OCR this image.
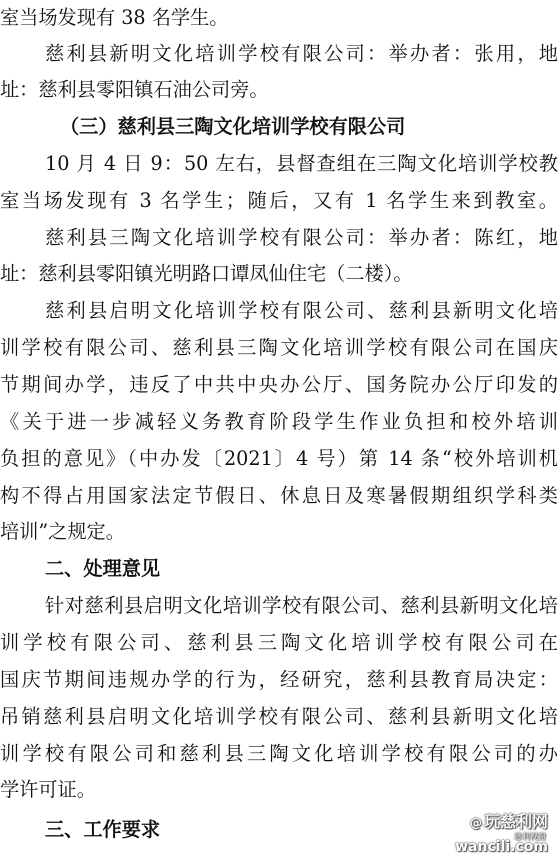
室当场发现有 38 名学生。
慈利县新明文化培训学校有限公司：举办者：张用，地
址：慈利县零阳镇石油公司旁。
（三）慈利县三陶文化培训学校有限公司
10 月 4 日 9：50 左右，县督查组在三陶文化培训学校教
室当场发现有 3 名学生；随后，又有 1 名学生来到教室。
慈利县三陶文化培训学校有限公司：举办者：陈红，地
址：慈利县零阳镇光明路口谭凤仙住宅（二楼）。
慈利县启明文化培训学校有限公司、慈利县新明文化培
训学校有限公司、慈利县三陶文化培训学校有限公司在国庆
节期间办学，违反了中共中央办公厅、国务院办公厅印发的
《关于进一步减轻义务教育阶段学生作业负担和校外培训
负担的意见》（中办发〔2021〕4 号）第 14 条“校外培训机
构不得占用国家法定节假日、休息日及寒暑假期组织学科类
培训”之规定。
二、处理意见
针对慈利县启明文化培训学校有限公司、慈利县新明文化培
训学校有限公司、慈利县三陶文化培训学校有限公司在
国庆节期间违规办学的行为，经研究，慈利县教育局决定：
吊销慈利县启明文化培训学校有限公司、慈利县新明文化培
训学校有限公司和慈利县三陶文化培训学校有限公司的办
学许可证。
三、工作要求	@ 玩慈利网
慈利视窗
wancili.com
